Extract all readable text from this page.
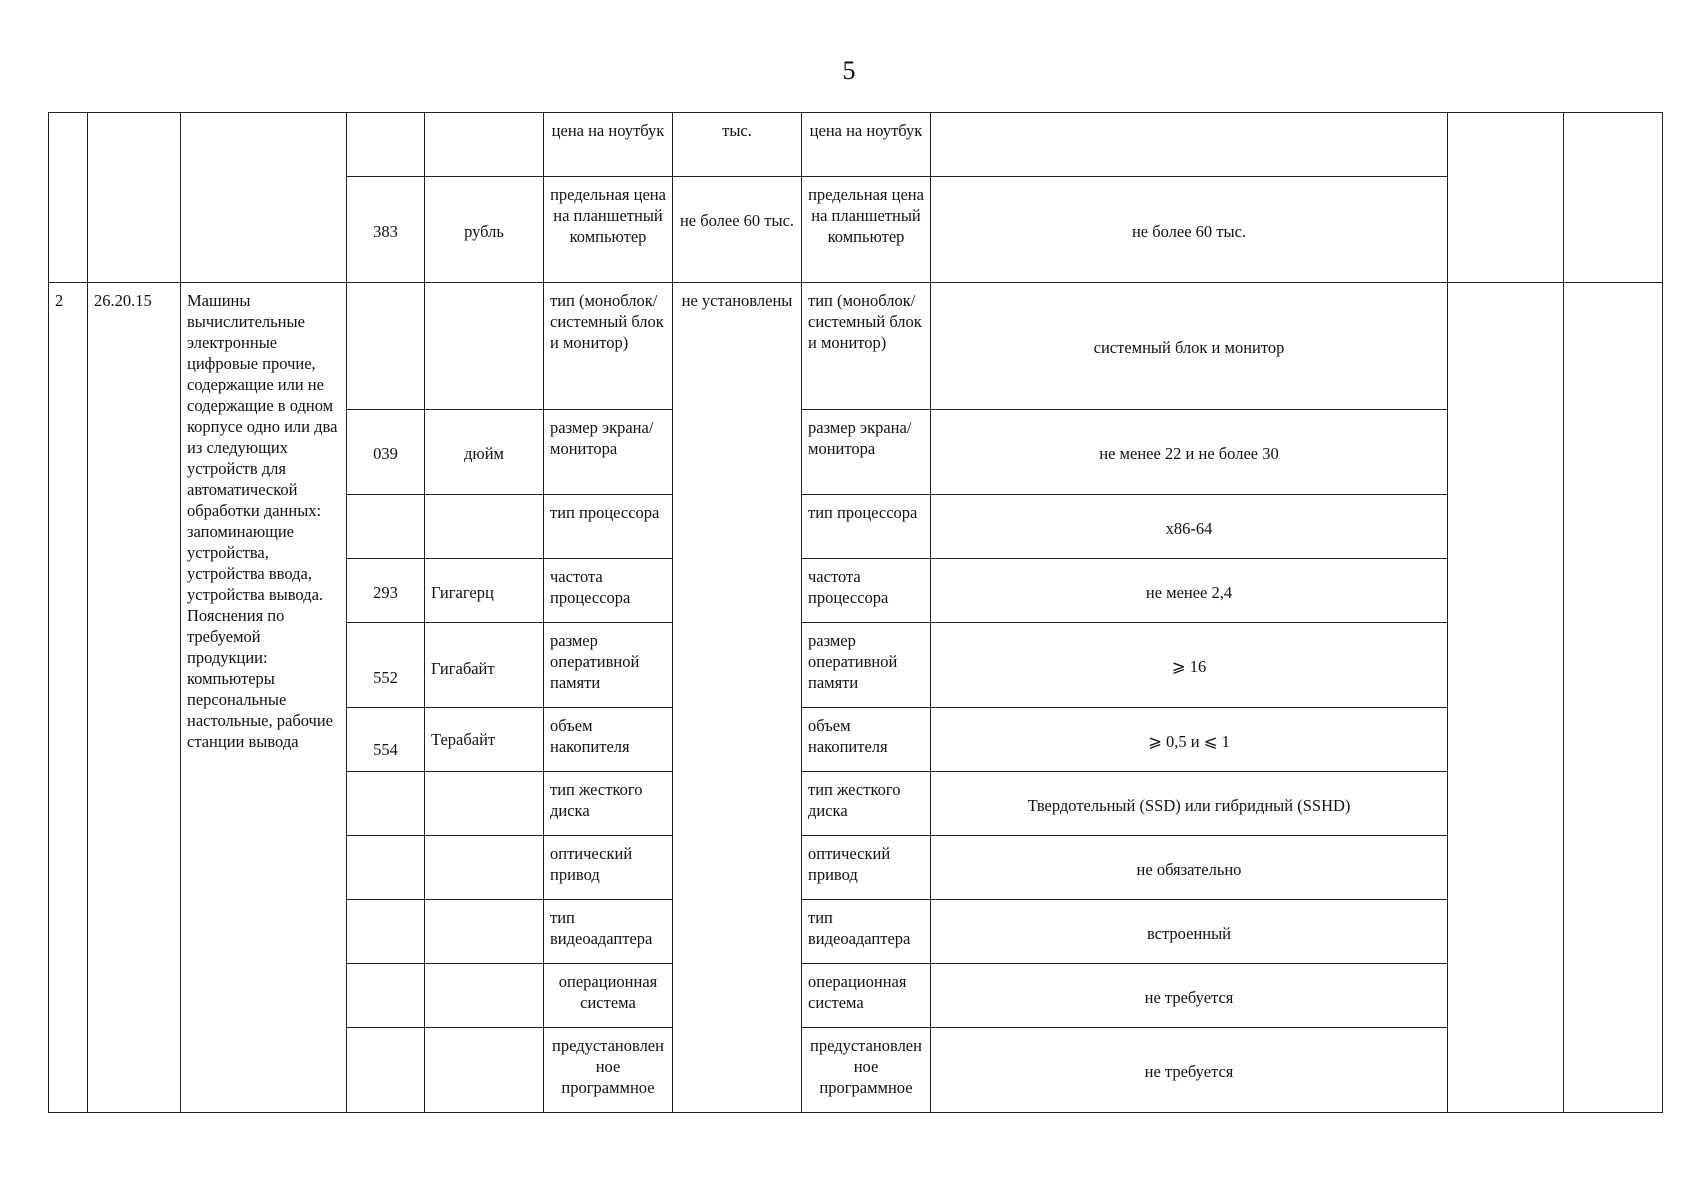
5
					цена на ноутбук	тыс.	цена на ноутбук			
			383	рубль	предельная цена на планшетный компьютер	не более 60 тыс.	предельная цена на планшетный компьютер	не более 60 тыс.		
2	26.20.15	Машины вычислительные электронные цифровые прочие, содержащие или не содержащие в одном корпусе одно или два из следующих устройств для автоматической обработки данных: запоминающие устройства, устройства ввода, устройства вывода. Пояснения по требуемой продукции: компьютеры персональные настольные, рабочие станции вывода			тип (моноблок/ системный блок и монитор)	не установлены	тип (моноблок/ системный блок и монитор)	системный блок и монитор		
			039	дюйм	размер экрана/монитора		размер экрана/монитора	не менее 22 и не более 30		
					тип процессора		тип процессора	x86-64		
			293	Гигагерц	частота процессора		частота процессора	не менее 2,4		
			552	Гигабайт	размер оперативной памяти		размер оперативной памяти	⩾ 16		
			554	Терабайт	объем накопителя		объем накопителя	⩾ 0,5 и ⩽ 1		
					тип жесткого диска		тип жесткого диска	Твердотельный (SSD) или гибридный (SSHD)		
					оптический привод		оптический привод	не обязательно		
					тип видеоадаптера		тип видеоадаптера	встроенный		
					операционная система		операционная система	не требуется		
					предустановленное программное		предустановленное программное	не требуется		
